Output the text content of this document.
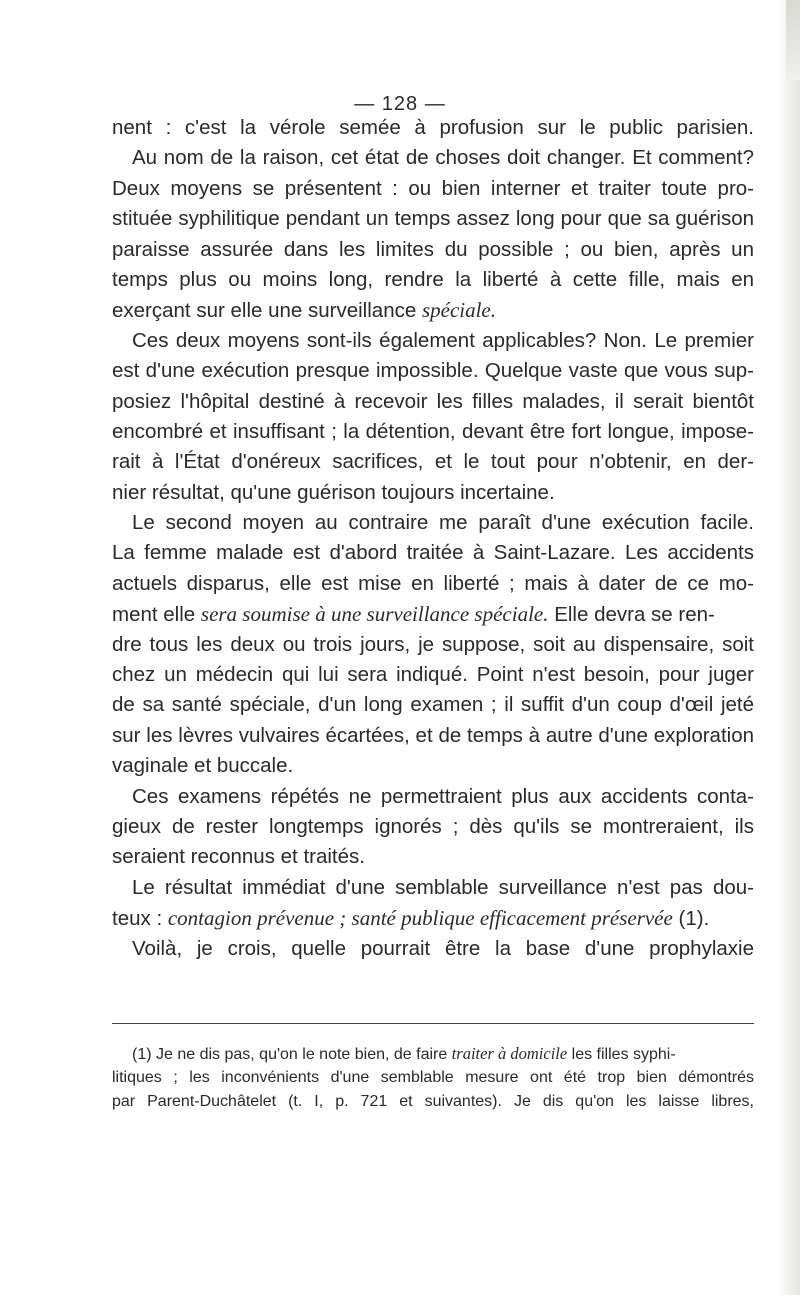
— 128 —
nent : c'est la vérole semée à profusion sur le public parisien.
Au nom de la raison, cet état de choses doit changer. Et comment?
Deux moyens se présentent : ou bien interner et traiter toute pro-
stituée syphilitique pendant un temps assez long pour que sa guérison
paraisse assurée dans les limites du possible ; ou bien, après un
temps plus ou moins long, rendre la liberté à cette fille, mais en
exerçant sur elle une surveillance spéciale.
Ces deux moyens sont-ils également applicables? Non. Le premier
est d'une exécution presque impossible. Quelque vaste que vous sup-
posiez l'hôpital destiné à recevoir les filles malades, il serait bientôt
encombré et insuffisant ; la détention, devant être fort longue, impose-
rait à l'État d'onéreux sacrifices, et le tout pour n'obtenir, en der-
nier résultat, qu'une guérison toujours incertaine.
Le second moyen au contraire me paraît d'une exécution facile.
La femme malade est d'abord traitée à Saint-Lazare. Les accidents
actuels disparus, elle est mise en liberté ; mais à dater de ce mo-
ment elle sera soumise à une surveillance spéciale. Elle devra se ren-
dre tous les deux ou trois jours, je suppose, soit au dispensaire, soit
chez un médecin qui lui sera indiqué. Point n'est besoin, pour juger
de sa santé spéciale, d'un long examen ; il suffit d'un coup d'œil jeté
sur les lèvres vulvaires écartées, et de temps à autre d'une exploration
vaginale et buccale.
Ces examens répétés ne permettraient plus aux accidents conta-
gieux de rester longtemps ignorés ; dès qu'ils se montreraient, ils
seraient reconnus et traités.
Le résultat immédiat d'une semblable surveillance n'est pas dou-
teux : contagion prévenue ; santé publique efficacement préservée (1).
Voilà, je crois, quelle pourrait être la base d'une prophylaxie
(1) Je ne dis pas, qu'on le note bien, de faire traiter à domicile les filles syphi-
litiques ; les inconvénients d'une semblable mesure ont été trop bien démontrés
par Parent-Duchâtelet (t. I, p. 721 et suivantes). Je dis qu'on les laisse libres,
